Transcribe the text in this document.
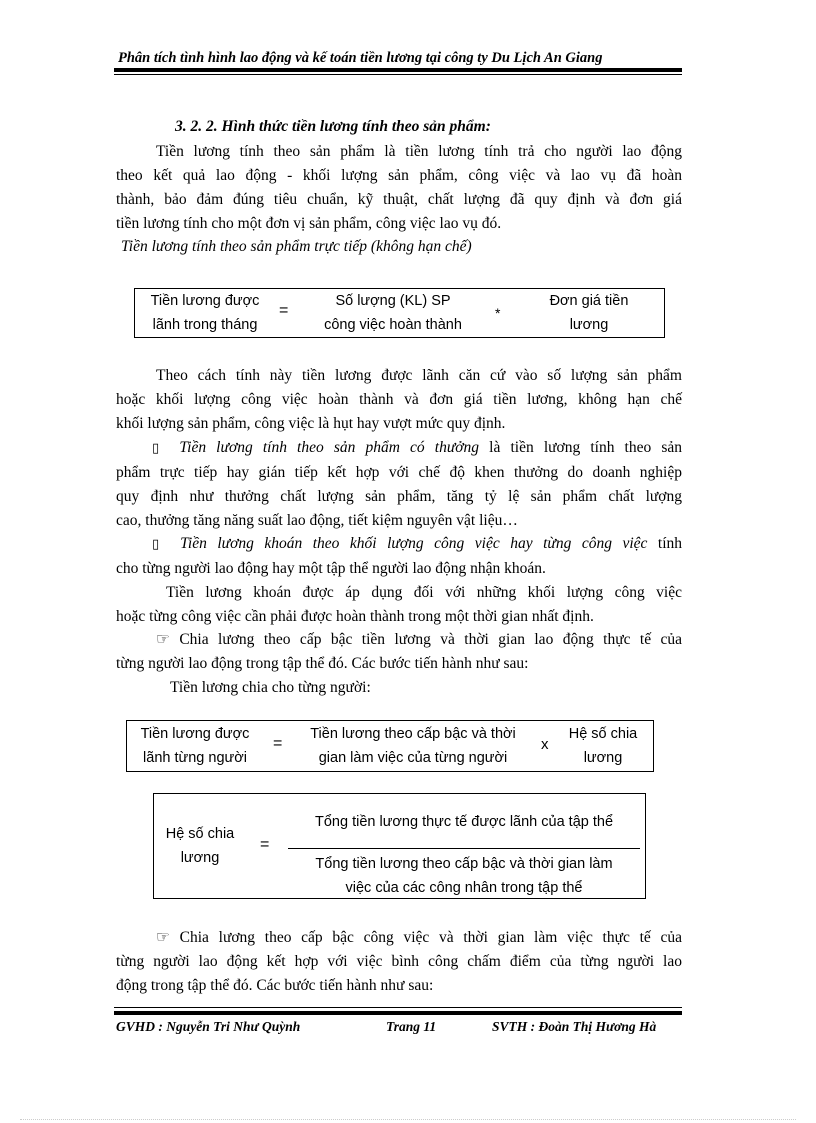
Phân tích tình hình lao động và kế toán tiền lương tại công ty Du Lịch An Giang
3. 2. 2. Hình thức tiền lương tính theo sản phẩm:
Tiền lương tính theo sản phẩm là tiền lương tính trả cho người lao động
theo kết quả lao động - khối lượng sản phẩm, công việc và lao vụ đã hoàn
thành, bảo đảm đúng tiêu chuẩn, kỹ thuật, chất lượng đã quy định và đơn giá
tiền lương tính cho một đơn vị sản phẩm, công việc lao vụ đó.
Tiền lương tính theo sản phẩm trực tiếp (không hạn chế)
Tiền lương được
lãnh trong tháng
=
Số lượng (KL) SP
công việc hoàn thành
*
Đơn giá tiền
lương
Theo cách tính này tiền lương được lãnh căn cứ vào số lượng sản phẩm
hoặc khối lượng công việc hoàn thành và đơn giá tiền lương, không hạn chế
khối lượng sản phẩm, công việc là hụt hay vượt mức quy định.
▯ Tiền lương tính theo sản phẩm có thưởng là tiền lương tính theo sản
phẩm trực tiếp hay gián tiếp kết hợp với chế độ khen thưởng do doanh nghiệp
quy định như thưởng chất lượng sản phẩm, tăng tỷ lệ sản phẩm chất lượng
cao, thưởng tăng năng suất lao động, tiết kiệm nguyên vật liệu…
▯ Tiền lương khoán theo khối lượng công việc hay từng công việc tính
cho từng người lao động hay một tập thể người lao động nhận khoán.
Tiền lương khoán được áp dụng đối với những khối lượng công việc
hoặc từng công việc cần phải được hoàn thành trong một thời gian nhất định.
☞ Chia lương theo cấp bậc tiền lương và thời gian lao động thực tế của
từng người lao động trong tập thể đó. Các bước tiến hành như sau:
Tiền lương chia cho từng người:
Tiền lương được
lãnh từng người
=
Tiền lương theo cấp bậc và thời
gian làm việc của từng người
x
Hệ số chia
lương
Hệ số chia
lương
=
Tổng tiền lương thực tế được lãnh của tập thể
Tổng tiền lương theo cấp bậc và thời gian làm
việc của các công nhân trong tập thể
☞ Chia lương theo cấp bậc công việc và thời gian làm việc thực tế của
từng người lao động kết hợp với việc bình công chấm điểm của từng người lao
động trong tập thể đó. Các bước tiến hành như sau:
GVHD : Nguyễn Tri Như Quỳnh	Trang 11	SVTH : Đoàn Thị Hương Hà
